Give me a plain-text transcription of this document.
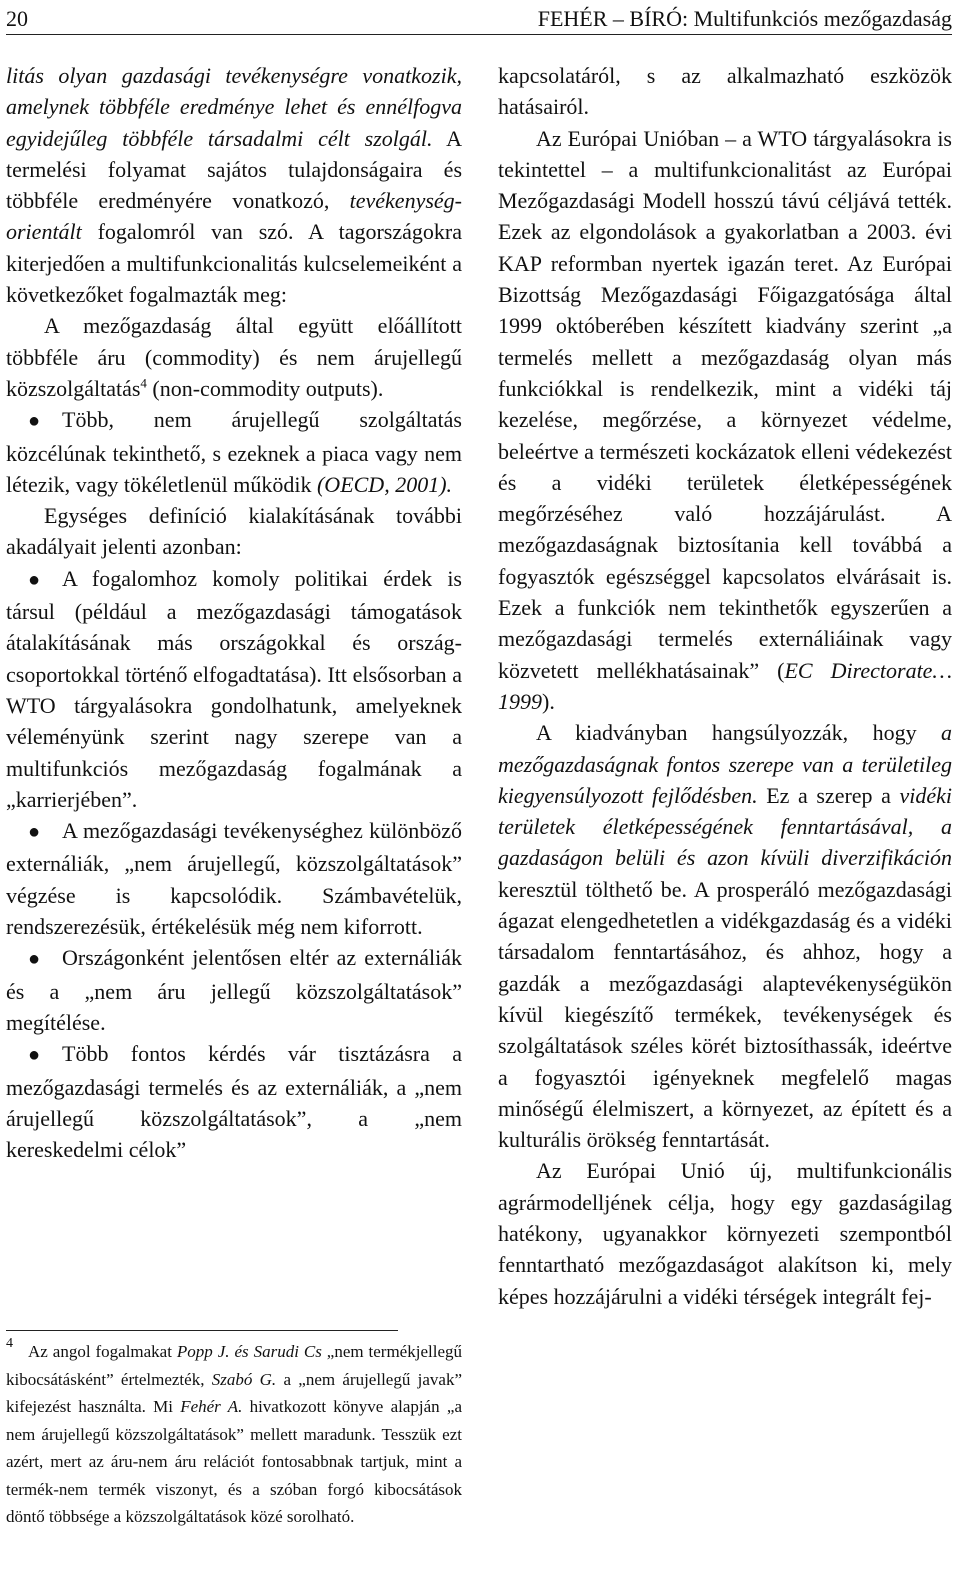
20	FEHÉR – BÍRÓ: Multifunkciós mezőgazdaság

litás olyan gazdasági tevékenységre vonatkozik, amelynek többféle eredménye lehet és ennélfogva egyidejűleg többféle társadalmi célt szolgál. A termelési folyamat sajátos tulajdonságaira és többféle eredményére vonatkozó, tevékenység-orientált fogalomról van szó. A tagországokra kiterjedően a multifunkcionalitás kulcselemeiként a következőket fogalmazták meg:

A mezőgazdaság által együtt előállított többféle áru (commodity) és nem árujellegű közszolgáltatás$^4$ (non-commodity outputs).

● Több, nem árujellegű szolgáltatás közcélúnak tekinthető, s ezeknek a piaca vagy nem létezik, vagy tökéletlenül működik (OECD, 2001).

Egységes definíció kialakításának további akadályait jelenti azonban:

● A fogalomhoz komoly politikai érdek is társul (például a mezőgazdasági támogatások átalakításának más országokkal és ország-csoportokkal történő elfogadtatása). Itt elsősorban a WTO tárgyalásokra gondolhatunk, amelyeknek véleményünk szerint nagy szerepe van a multifunkciós mezőgazdaság fogalmának a „karrierjében”.

● A mezőgazdasági tevékenységhez különböző externáliák, „nem árujellegű, közszolgáltatások” végzése is kapcsolódik. Számbavételük, rendszerezésük, értékelésük még nem kiforrott.

● Országonként jelentősen eltér az externáliák és a „nem áru jellegű közszolgáltatások” megítélése.

● Több fontos kérdés vár tisztázásra a mezőgazdasági termelés és az externáliák, a „nem árujellegű közszolgáltatások”, a „nem kereskedelmi célok”

4 Az angol fogalmakat Popp J. és Sarudi Cs „nem termékjellegű kibocsátásként” értelmezték, Szabó G. a „nem árujellegű javak” kifejezést használta. Mi Fehér A. hivatkozott könyve alapján „a nem árujellegű közszolgáltatások” mellett maradunk. Tesszük ezt azért, mert az áru-nem áru relációt fontosabbnak tartjuk, mint a termék-nem termék viszonyt, és a szóban forgó kibocsátások döntő többsége a közszolgáltatások közé sorolható.

kapcsolatáról, s az alkalmazható eszközök hatásairól.

Az Európai Unióban – a WTO tárgyalásokra is tekintettel – a multifunkcionalitást az Európai Mezőgazdasági Modell hosszú távú céljává tették. Ezek az elgondolások a gyakorlatban a 2003. évi KAP reformban nyertek igazán teret. Az Európai Bizottság Mezőgazdasági Főigazgatósága által 1999 októberében készített kiadvány szerint „a termelés mellett a mezőgazdaság olyan más funkciókkal is rendelkezik, mint a vidéki táj kezelése, megőrzése, a környezet védelme, beleértve a természeti kockázatok elleni védekezést és a vidéki területek életképességének megőrzéséhez való hozzájárulást. A mezőgazdaságnak biztosítania kell továbbá a fogyasztók egészséggel kapcsolatos elvárásait is. Ezek a funkciók nem tekinthetők egyszerűen a mezőgazdasági termelés externáliáinak vagy közvetett mellékhatásainak” (EC Directorate… 1999).

A kiadványban hangsúlyozzák, hogy a mezőgazdaságnak fontos szerepe van a területileg kiegyensúlyozott fejlődésben. Ez a szerep a vidéki területek életképességének fenntartásával, a gazdaságon belüli és azon kívüli diverzifikáción keresztül tölthető be. A prosperáló mezőgazdasági ágazat elengedhetetlen a vidékgazdaság és a vidéki társadalom fenntartásához, és ahhoz, hogy a gazdák a mezőgazdasági alaptevékenységükön kívül kiegészítő termékek, tevékenységek és szolgáltatások széles körét biztosíthassák, ideértve a fogyasztói igényeknek megfelelő magas minőségű élelmiszert, a környezet, az épített és a kulturális örökség fenntartását.

Az Európai Unió új, multifunkcionális agrármodelljének célja, hogy egy gazdaságilag hatékony, ugyanakkor környezeti szempontból fenntartható mezőgazdaságot alakítson ki, mely képes hozzájárulni a vidéki térségek integrált fej-
